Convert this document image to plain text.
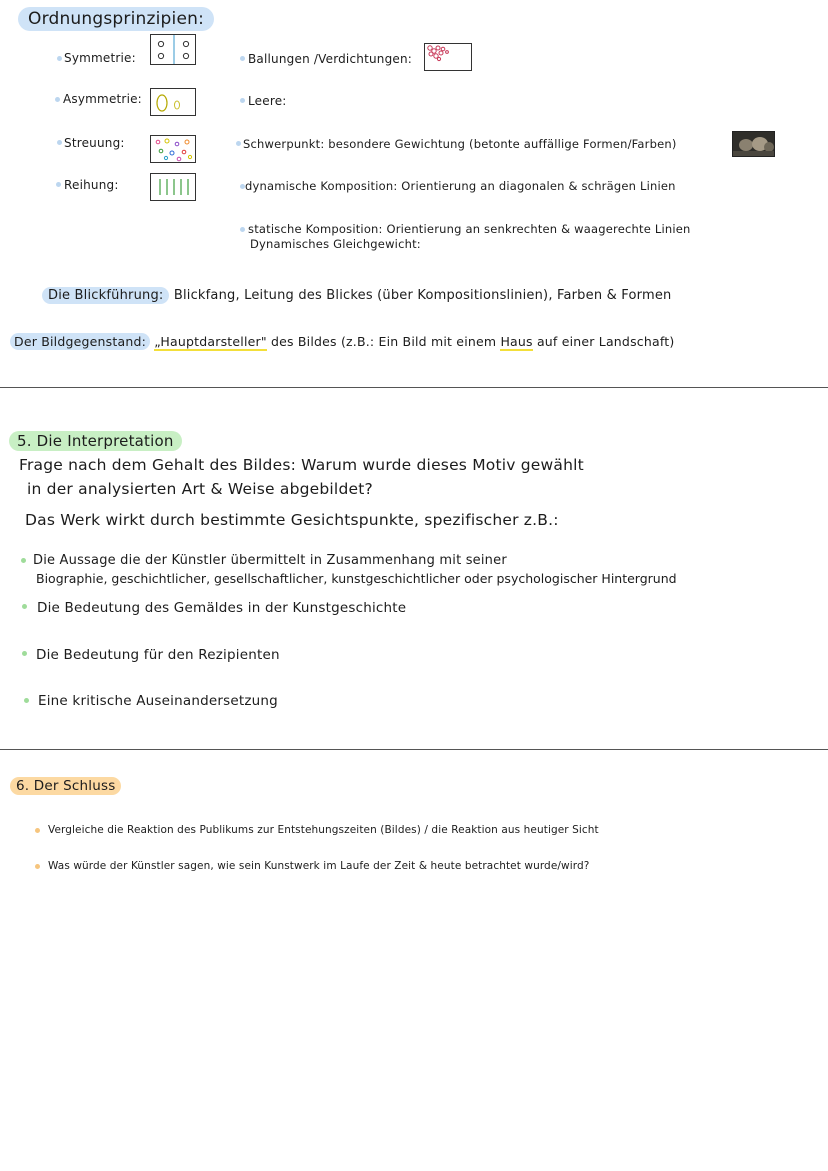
Ordnungsprinzipien:
Symmetrie:
Asymmetrie:
Streuung:
Reihung:
Ballungen /Verdichtungen:
Leere:
Schwerpunkt: besondere Gewichtung (betonte auffällige Formen/Farben)
dynamische Komposition: Orientierung an diagonalen & schrägen Linien
statische Komposition: Orientierung an senkrechten & waagerechte Linien
Dynamisches Gleichgewicht:
Die Blickführung: Blickfang, Leitung des Blickes (über Kompositionslinien), Farben & Formen
Der Bildgegenstand: „Hauptdarsteller" des Bildes (z.B.: Ein Bild mit einem Haus auf einer Landschaft)
5. Die Interpretation
Frage nach dem Gehalt des Bildes: Warum wurde dieses Motiv gewählt
in der analysierten Art & Weise abgebildet?
Das Werk wirkt durch bestimmte Gesichtspunkte, spezifischer z.B.:
Die Aussage die der Künstler übermittelt in Zusammenhang mit seiner
Biographie, geschichtlicher, gesellschaftlicher, kunstgeschichtlicher oder psychologischer Hintergrund
Die Bedeutung des Gemäldes in der Kunstgeschichte
Die Bedeutung für den Rezipienten
Eine kritische Auseinandersetzung
6. Der Schluss
Vergleiche die Reaktion des Publikums zur Entstehungszeiten (Bildes) / die Reaktion aus heutiger Sicht
Was würde der Künstler sagen, wie sein Kunstwerk im Laufe der Zeit & heute betrachtet wurde/wird?
